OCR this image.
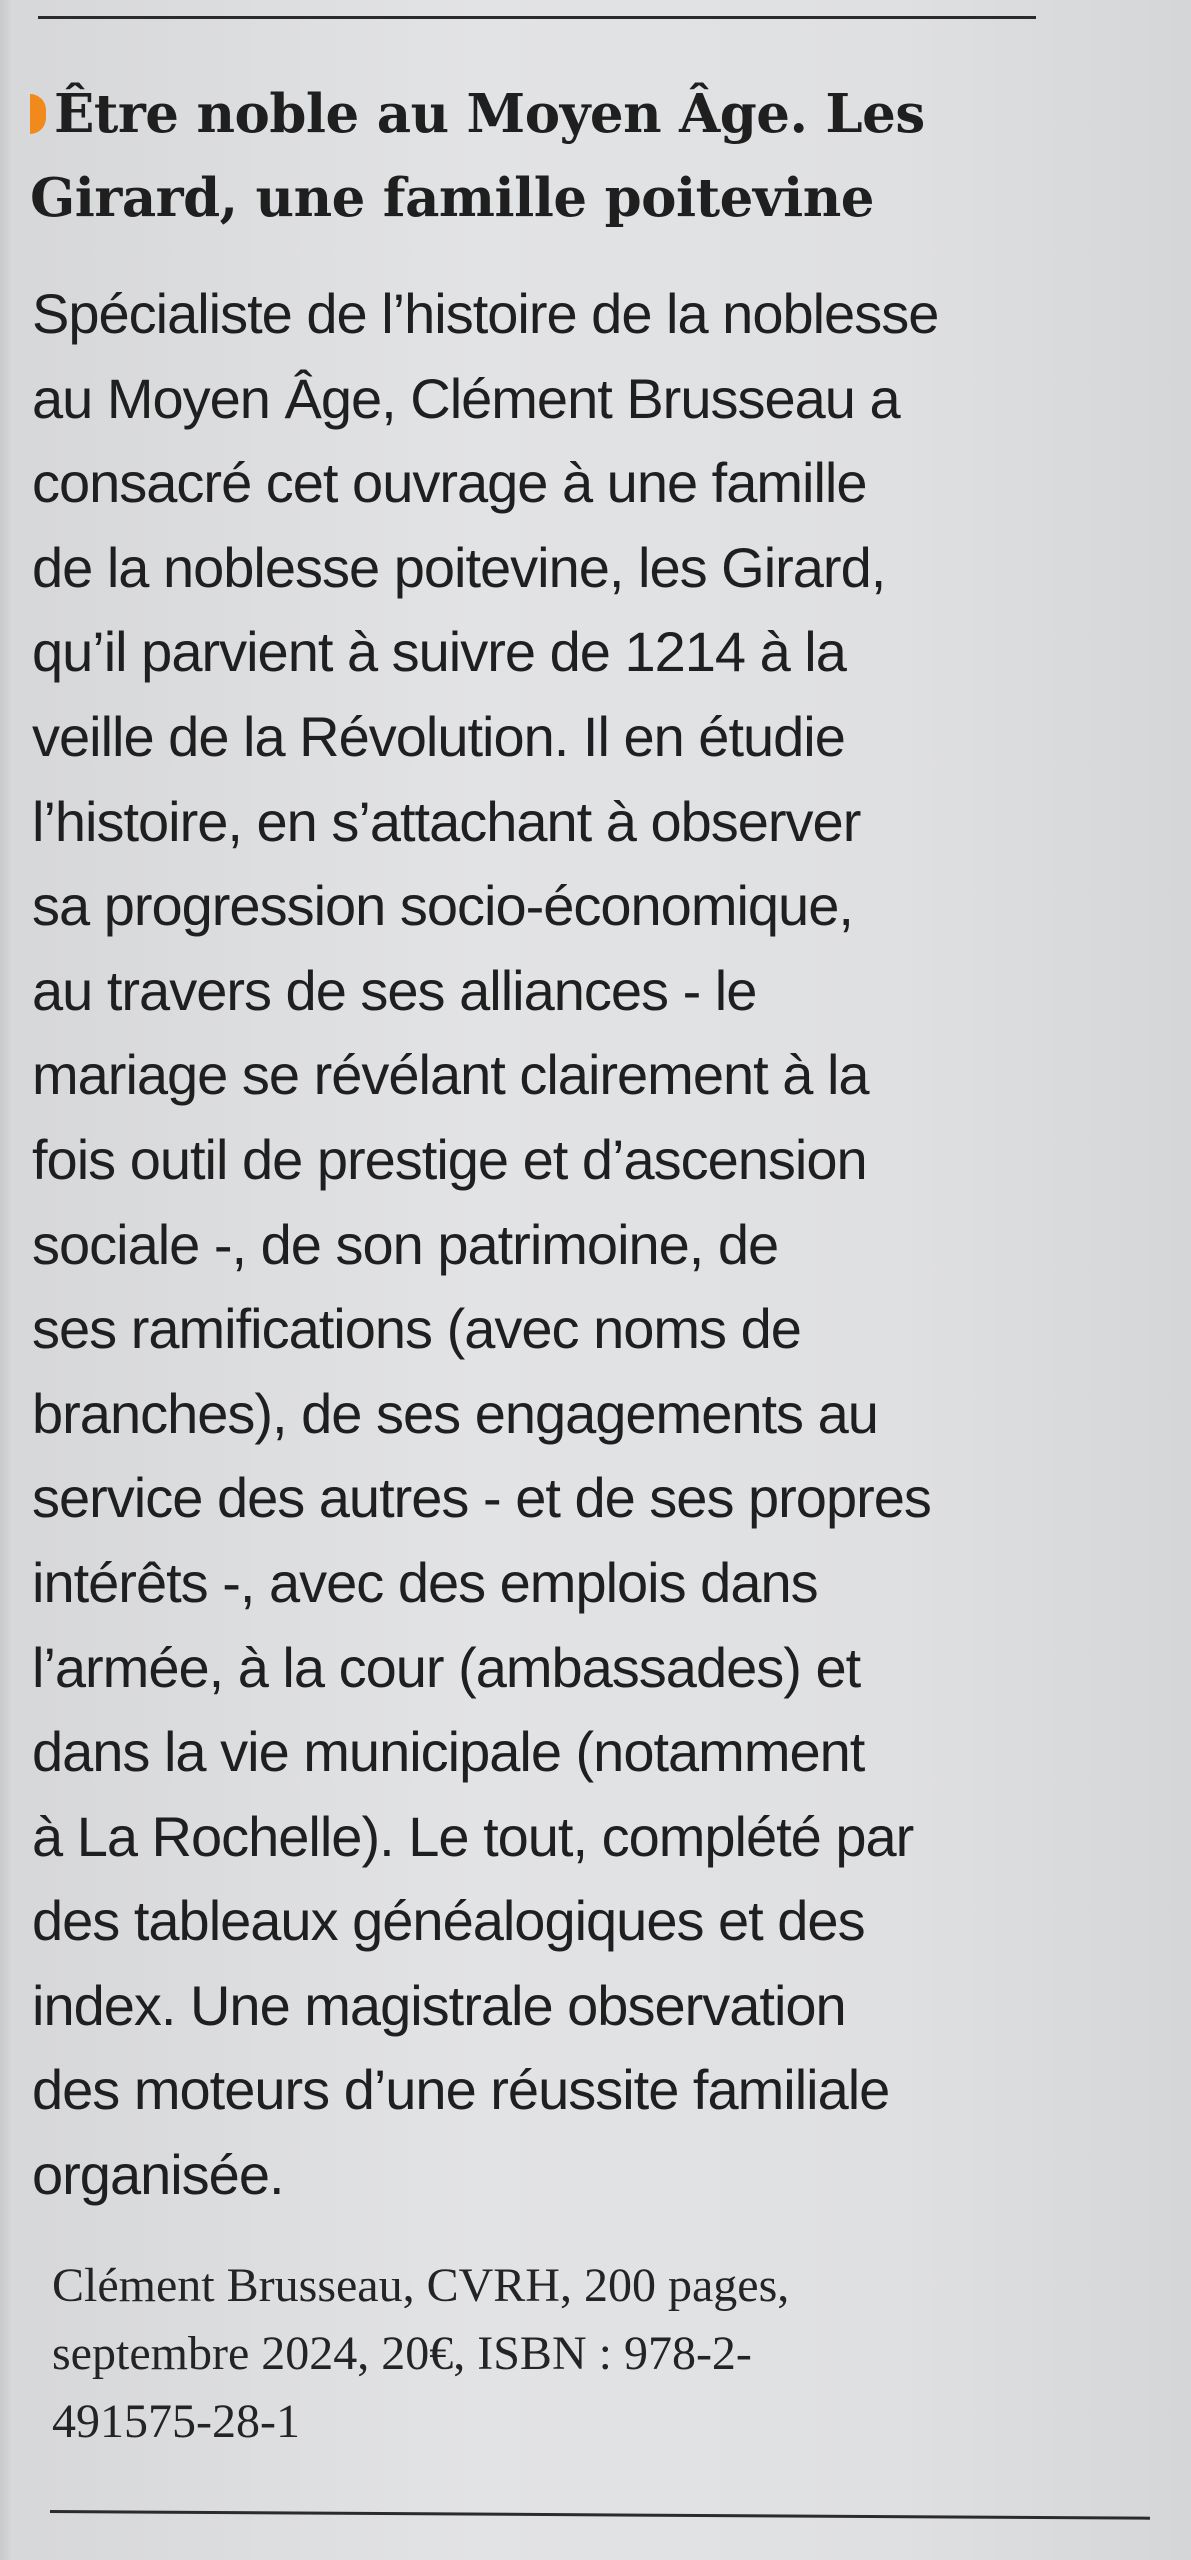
Être noble au Moyen Âge. Les
Girard, une famille poitevine

Spécialiste de l’histoire de la noblesse
au Moyen Âge, Clément Brusseau a
consacré cet ouvrage à une famille
de la noblesse poitevine, les Girard,
qu’il parvient à suivre de 1214 à la
veille de la Révolution. Il en étudie
l’histoire, en s’attachant à observer
sa progression socio-économique,
au travers de ses alliances - le
mariage se révélant clairement à la
fois outil de prestige et d’ascension
sociale -, de son patrimoine, de
ses ramifications (avec noms de
branches), de ses engagements au
service des autres - et de ses propres
intérêts -, avec des emplois dans
l’armée, à la cour (ambassades) et
dans la vie municipale (notamment
à La Rochelle). Le tout, complété par
des tableaux généalogiques et des
index. Une magistrale observation
des moteurs d’une réussite familiale
organisée.

Clément Brusseau, CVRH, 200 pages,
septembre 2024, 20€, ISBN : 978-2-
491575-28-1
